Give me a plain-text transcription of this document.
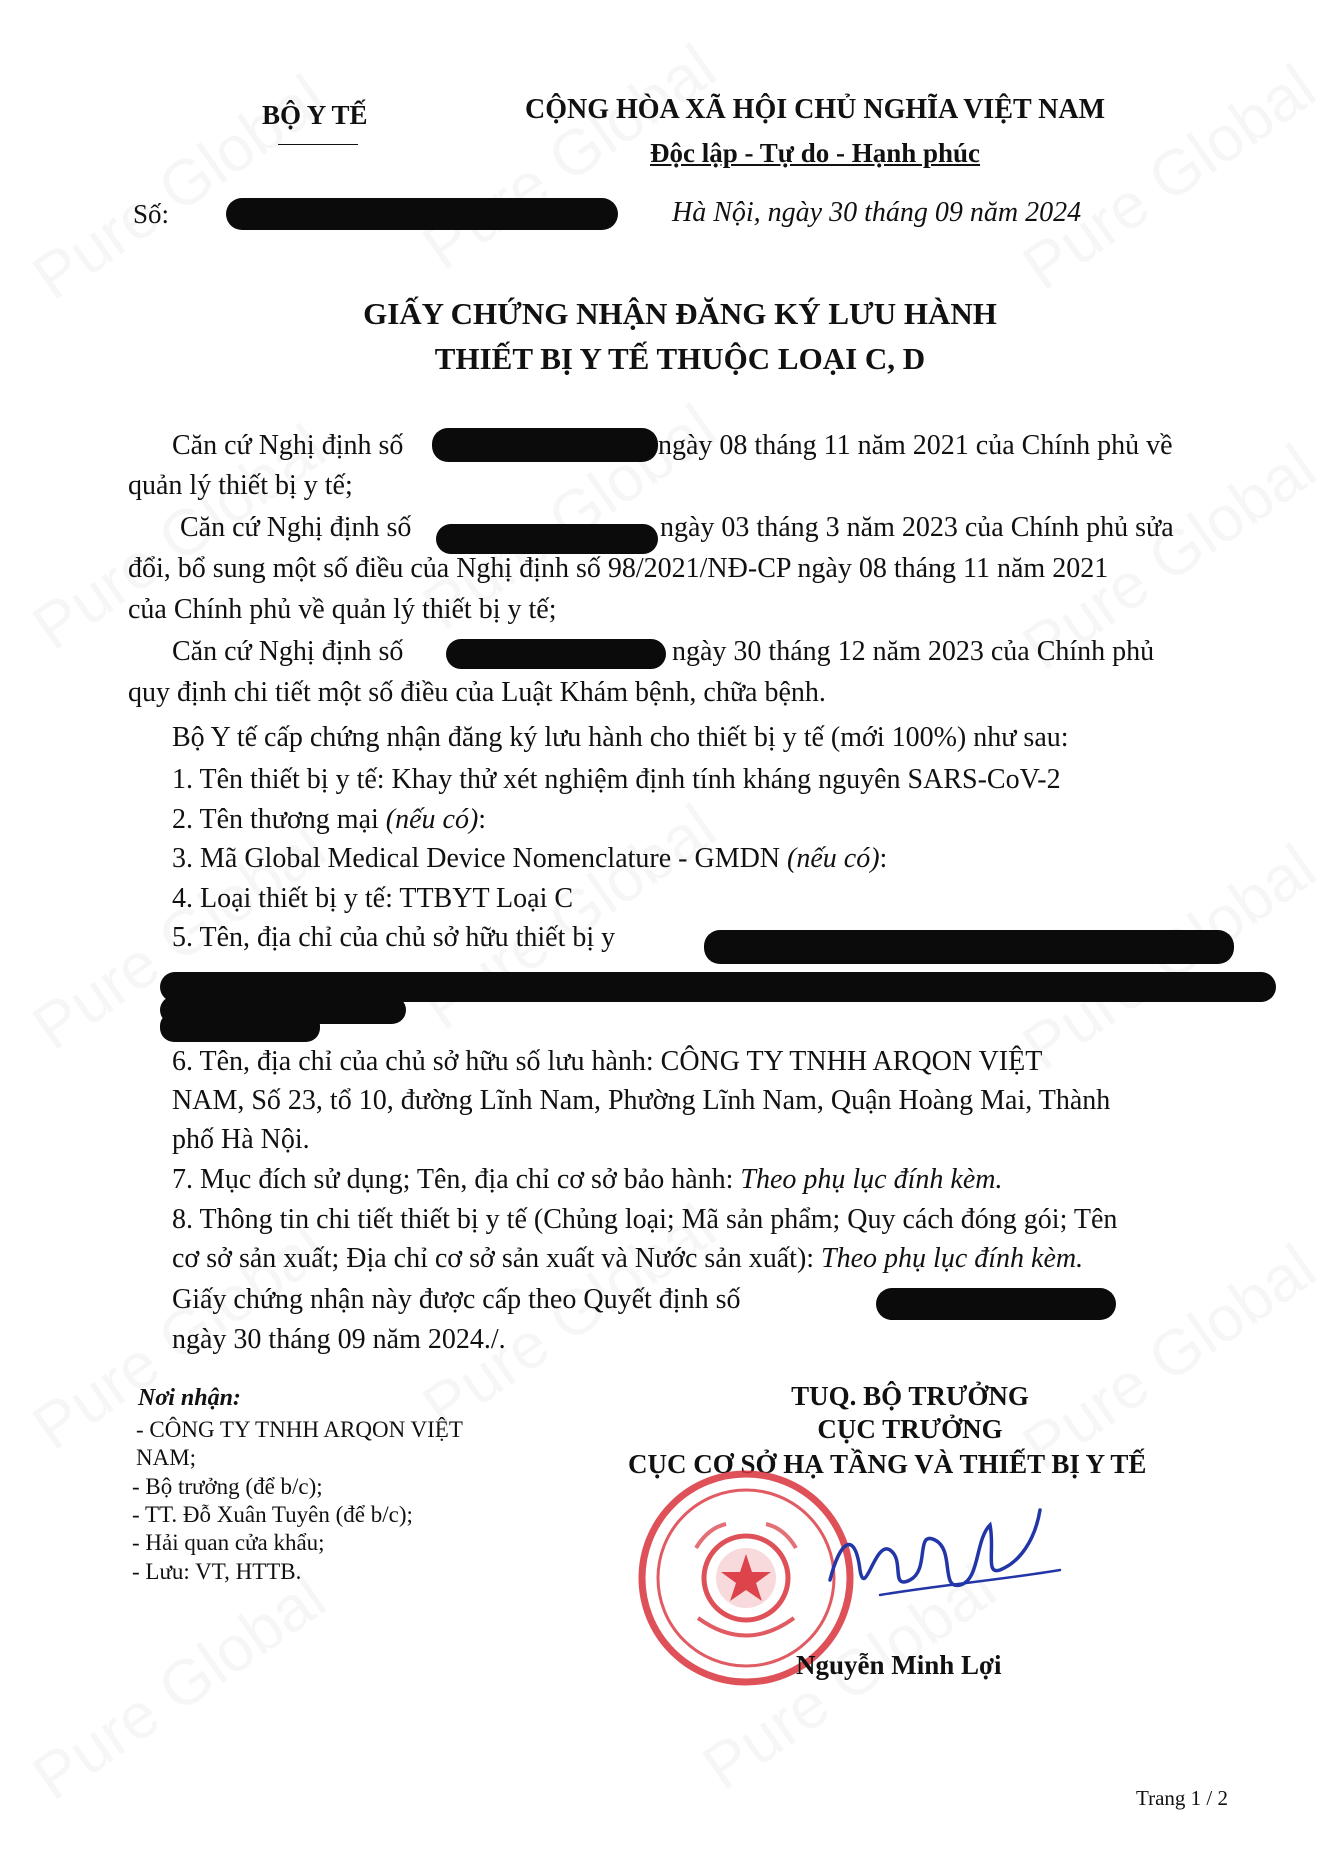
BỘ Y TẾ	CỘNG HÒA XÃ HỘI CHỦ NGHĨA VIỆT NAM
Độc lập - Tự do - Hạnh phúc
Số:	Hà Nội, ngày 30 tháng 09 năm 2024
GIẤY CHỨNG NHẬN ĐĂNG KÝ LƯU HÀNH
THIẾT BỊ Y TẾ THUỘC LOẠI C, D
Căn cứ Nghị định số	ngày 08 tháng 11 năm 2021 của Chính phủ về
quản lý thiết bị y tế;
Căn cứ Nghị định số	ngày 03 tháng 3 năm 2023 của Chính phủ sửa
đổi, bổ sung một số điều của Nghị định số 98/2021/NĐ-CP ngày 08 tháng 11 năm 2021
của Chính phủ về quản lý thiết bị y tế;
Căn cứ Nghị định số	ngày 30 tháng 12 năm 2023 của Chính phủ
quy định chi tiết một số điều của Luật Khám bệnh, chữa bệnh.
Bộ Y tế cấp chứng nhận đăng ký lưu hành cho thiết bị y tế (mới 100%) như sau:
1. Tên thiết bị y tế: Khay thử xét nghiệm định tính kháng nguyên SARS-CoV-2
2. Tên thương mại (nếu có):
3. Mã Global Medical Device Nomenclature - GMDN (nếu có):
4. Loại thiết bị y tế: TTBYT Loại C
5. Tên, địa chỉ của chủ sở hữu thiết bị y
6. Tên, địa chỉ của chủ sở hữu số lưu hành: CÔNG TY TNHH ARQON VIỆT
NAM, Số 23, tổ 10, đường Lĩnh Nam, Phường Lĩnh Nam, Quận Hoàng Mai, Thành
phố Hà Nội.
7. Mục đích sử dụng; Tên, địa chỉ cơ sở bảo hành: Theo phụ lục đính kèm.
8. Thông tin chi tiết thiết bị y tế (Chủng loại; Mã sản phẩm; Quy cách đóng gói; Tên
cơ sở sản xuất; Địa chỉ cơ sở sản xuất và Nước sản xuất): Theo phụ lục đính kèm.
Giấy chứng nhận này được cấp theo Quyết định số
ngày 30 tháng 09 năm 2024./.
Nơi nhận:
- CÔNG TY TNHH ARQON VIỆT
NAM;
- Bộ trưởng (để b/c);
- TT. Đỗ Xuân Tuyên (để b/c);
- Hải quan cửa khẩu;
- Lưu: VT, HTTB.
TUQ. BỘ TRƯỞNG
CỤC TRƯỞNG
CỤC CƠ SỞ HẠ TẦNG VÀ THIẾT BỊ Y TẾ
Nguyễn Minh Lợi
Trang 1 / 2
